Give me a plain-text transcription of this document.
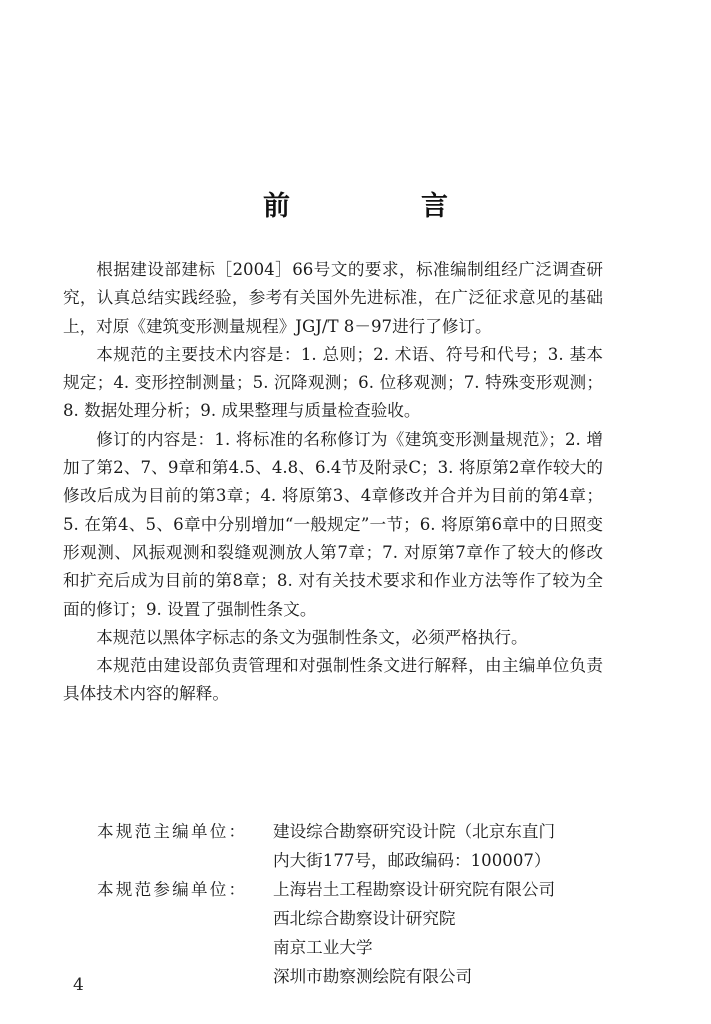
前　言

根据建设部建标［2004］66号文的要求，标准编制组经广泛调查研究，认真总结实践经验，参考有关国外先进标准，在广泛征求意见的基础上，对原《建筑变形测量规程》JGJ/T 8－97进行了修订。

本规范的主要技术内容是：1. 总则；2. 术语、符号和代号；3. 基本规定；4. 变形控制测量；5. 沉降观测；6. 位移观测；7. 特殊变形观测；8. 数据处理分析；9. 成果整理与质量检查验收。

修订的内容是：1. 将标准的名称修订为《建筑变形测量规范》；2. 增加了第2、7、9章和第4.5、4.8、6.4节及附录C；3. 将原第2章作较大的修改后成为目前的第3章；4. 将原第3、4章修改并合并为目前的第4章；5. 在第4、5、6章中分别增加“一般规定”一节；6. 将原第6章中的日照变形观测、风振观测和裂缝观测放人第7章；7. 对原第7章作了较大的修改和扩充后成为目前的第8章；8. 对有关技术要求和作业方法等作了较为全面的修订；9. 设置了强制性条文。

本规范以黑体字标志的条文为强制性条文，必须严格执行。

本规范由建设部负责管理和对强制性条文进行解释，由主编单位负责具体技术内容的解释。

本规范主编单位：	建设综合勘察研究设计院（北京东直门
内大街177号，邮政编码：100007）
本规范参编单位：	上海岩土工程勘察设计研究院有限公司
西北综合勘察设计研究院
南京工业大学
深圳市勘察测绘院有限公司
4
